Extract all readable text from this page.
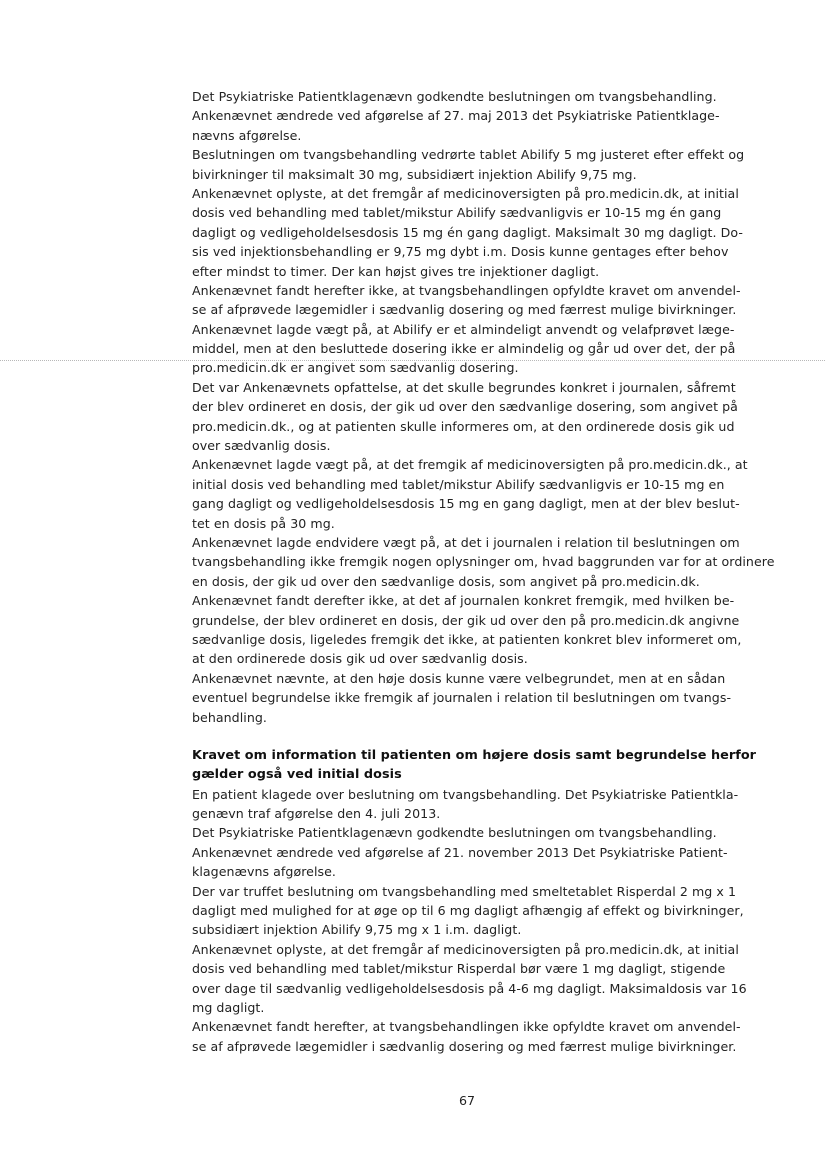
Det Psykiatriske Patientklagenævn godkendte beslutningen om tvangsbehandling.
Ankenævnet ændrede ved afgørelse af 27. maj 2013 det Psykiatriske Patientklage-
nævns afgørelse.
Beslutningen om tvangsbehandling vedrørte tablet Abilify 5 mg justeret efter effekt og
bivirkninger til maksimalt 30 mg, subsidiært injektion Abilify 9,75 mg.
Ankenævnet oplyste, at det fremgår af medicinoversigten på pro.medicin.dk, at initial
dosis ved behandling med tablet/mikstur Abilify sædvanligvis er 10-15 mg én gang
dagligt og vedligeholdelsesdosis 15 mg én gang dagligt. Maksimalt 30 mg dagligt. Do-
sis ved injektionsbehandling er 9,75 mg dybt i.m. Dosis kunne gentages efter behov
efter mindst to timer. Der kan højst gives tre injektioner dagligt.
Ankenævnet fandt herefter ikke, at tvangsbehandlingen opfyldte kravet om anvendel-
se af afprøvede lægemidler i sædvanlig dosering og med færrest mulige bivirkninger.
Ankenævnet lagde vægt på, at Abilify er et almindeligt anvendt og velafprøvet læge-
middel, men at den besluttede dosering ikke er almindelig og går ud over det, der på
pro.medicin.dk er angivet som sædvanlig dosering.
Det var Ankenævnets opfattelse, at det skulle begrundes konkret i journalen, såfremt
der blev ordineret en dosis, der gik ud over den sædvanlige dosering, som angivet på
pro.medicin.dk., og at patienten skulle informeres om, at den ordinerede dosis gik ud
over sædvanlig dosis.
Ankenævnet lagde vægt på, at det fremgik af medicinoversigten på pro.medicin.dk., at
initial dosis ved behandling med tablet/mikstur Abilify sædvanligvis er 10-15 mg en
gang dagligt og vedligeholdelsesdosis 15 mg en gang dagligt, men at der blev beslut-
tet en dosis på 30 mg.
Ankenævnet lagde endvidere vægt på, at det i journalen i relation til beslutningen om
tvangsbehandling ikke fremgik nogen oplysninger om, hvad baggrunden var for at ordinere
en dosis, der gik ud over den sædvanlige dosis, som angivet på pro.medicin.dk.
Ankenævnet fandt derefter ikke, at det af journalen konkret fremgik, med hvilken be-
grundelse, der blev ordineret en dosis, der gik ud over den på pro.medicin.dk angivne
sædvanlige dosis, ligeledes fremgik det ikke, at patienten konkret blev informeret om,
at den ordinerede dosis gik ud over sædvanlig dosis.
Ankenævnet nævnte, at den høje dosis kunne være velbegrundet, men at en sådan
eventuel begrundelse ikke fremgik af journalen i relation til beslutningen om tvangs-
behandling.
Kravet om information til patienten om højere dosis samt begrundelse herfor
gælder også ved initial dosis
En patient klagede over beslutning om tvangsbehandling. Det Psykiatriske Patientkla-
genævn traf afgørelse den 4. juli 2013.
Det Psykiatriske Patientklagenævn godkendte beslutningen om tvangsbehandling.
Ankenævnet ændrede ved afgørelse af 21. november 2013 Det Psykiatriske Patient-
klagenævns afgørelse.
Der var truffet beslutning om tvangsbehandling med smeltetablet Risperdal 2 mg x 1
dagligt med mulighed for at øge op til 6 mg dagligt afhængig af effekt og bivirkninger,
subsidiært injektion Abilify 9,75 mg x 1 i.m. dagligt.
Ankenævnet oplyste, at det fremgår af medicinoversigten på pro.medicin.dk, at initial
dosis ved behandling med tablet/mikstur Risperdal bør være 1 mg dagligt, stigende
over dage til sædvanlig vedligeholdelsesdosis på 4-6 mg dagligt. Maksimaldosis var 16
mg dagligt.
Ankenævnet fandt herefter, at tvangsbehandlingen ikke opfyldte kravet om anvendel-
se af afprøvede lægemidler i sædvanlig dosering og med færrest mulige bivirkninger.
67
